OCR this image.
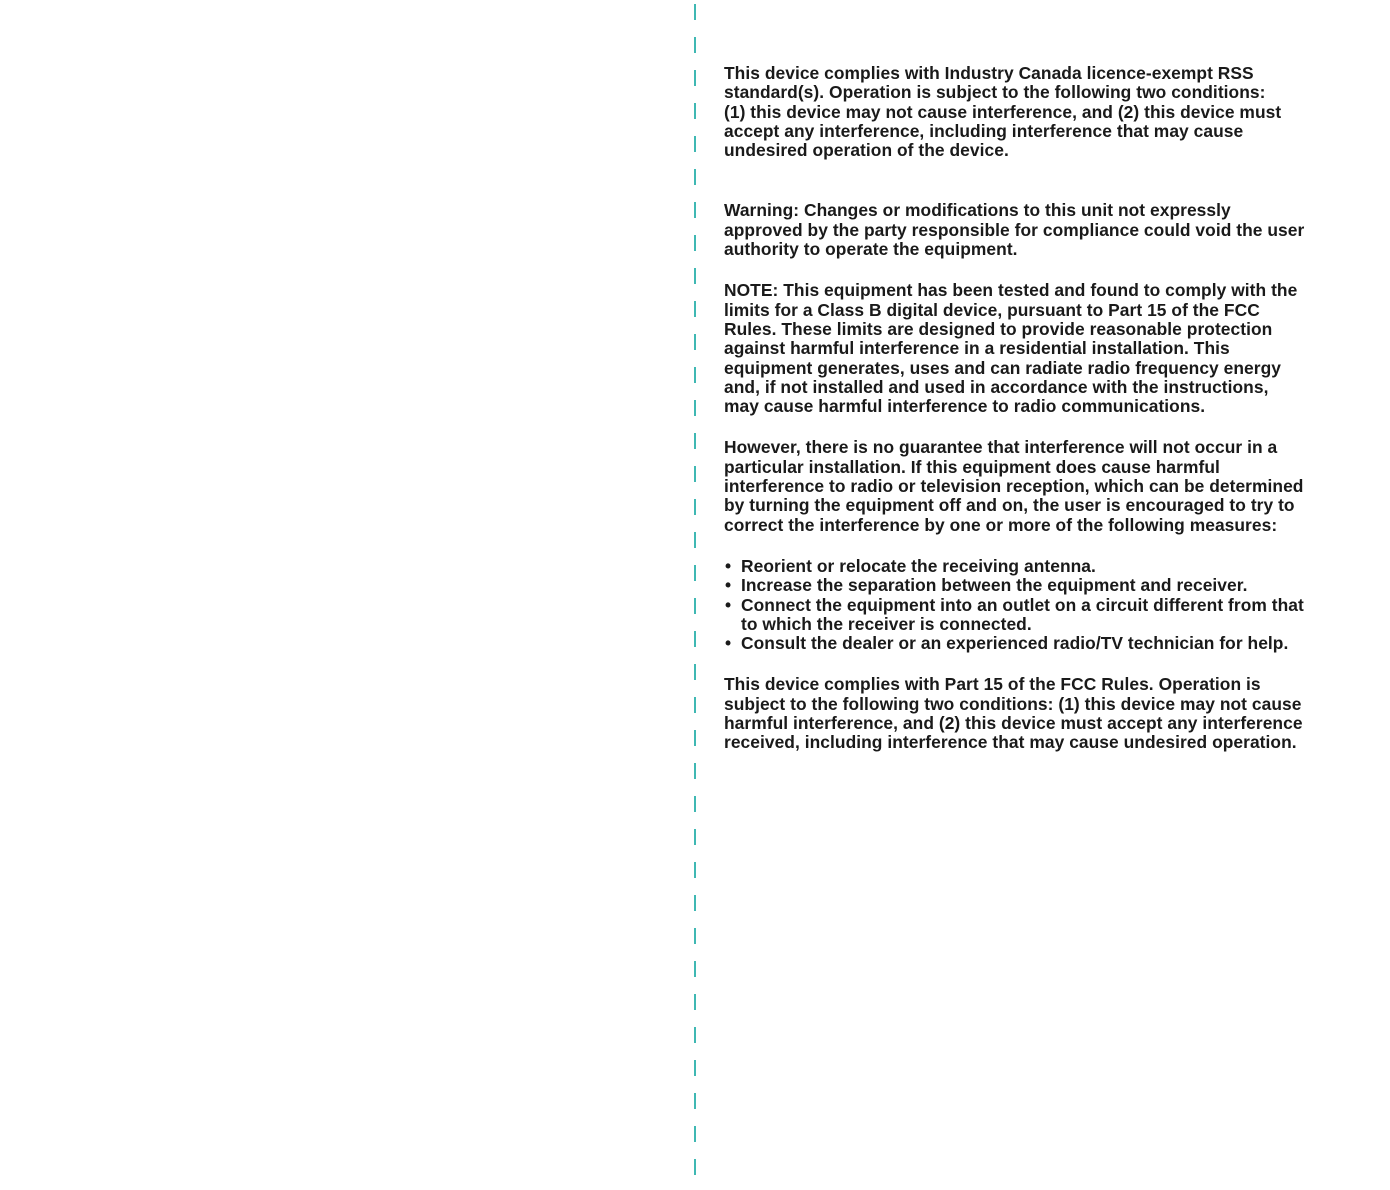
This device complies with Industry Canada licence-exempt RSS
standard(s). Operation is subject to the following two conditions:
(1) this device may not cause interference, and (2) this device must
accept any interference, including interference that may cause
undesired operation of the device.

Warning: Changes or modifications to this unit not expressly
approved by the party responsible for compliance could void the user
authority to operate the equipment.

NOTE: This equipment has been tested and found to comply with the
limits for a Class B digital device, pursuant to Part 15 of the FCC
Rules. These limits are designed to provide reasonable protection
against harmful interference in a residential installation. This
equipment generates, uses and can radiate radio frequency energy
and, if not installed and used in accordance with the instructions,
may cause harmful interference to radio communications.

However, there is no guarantee that interference will not occur in a
particular installation. If this equipment does cause harmful
interference to radio or television reception, which can be determined
by turning the equipment off and on, the user is encouraged to try to
correct the interference by one or more of the following measures:

• Reorient or relocate the receiving antenna.
• Increase the separation between the equipment and receiver.
• Connect the equipment into an outlet on a circuit different from that
to which the receiver is connected.
• Consult the dealer or an experienced radio/TV technician for help.

This device complies with Part 15 of the FCC Rules. Operation is
subject to the following two conditions: (1) this device may not cause
harmful interference, and (2) this device must accept any interference
received, including interference that may cause undesired operation.
